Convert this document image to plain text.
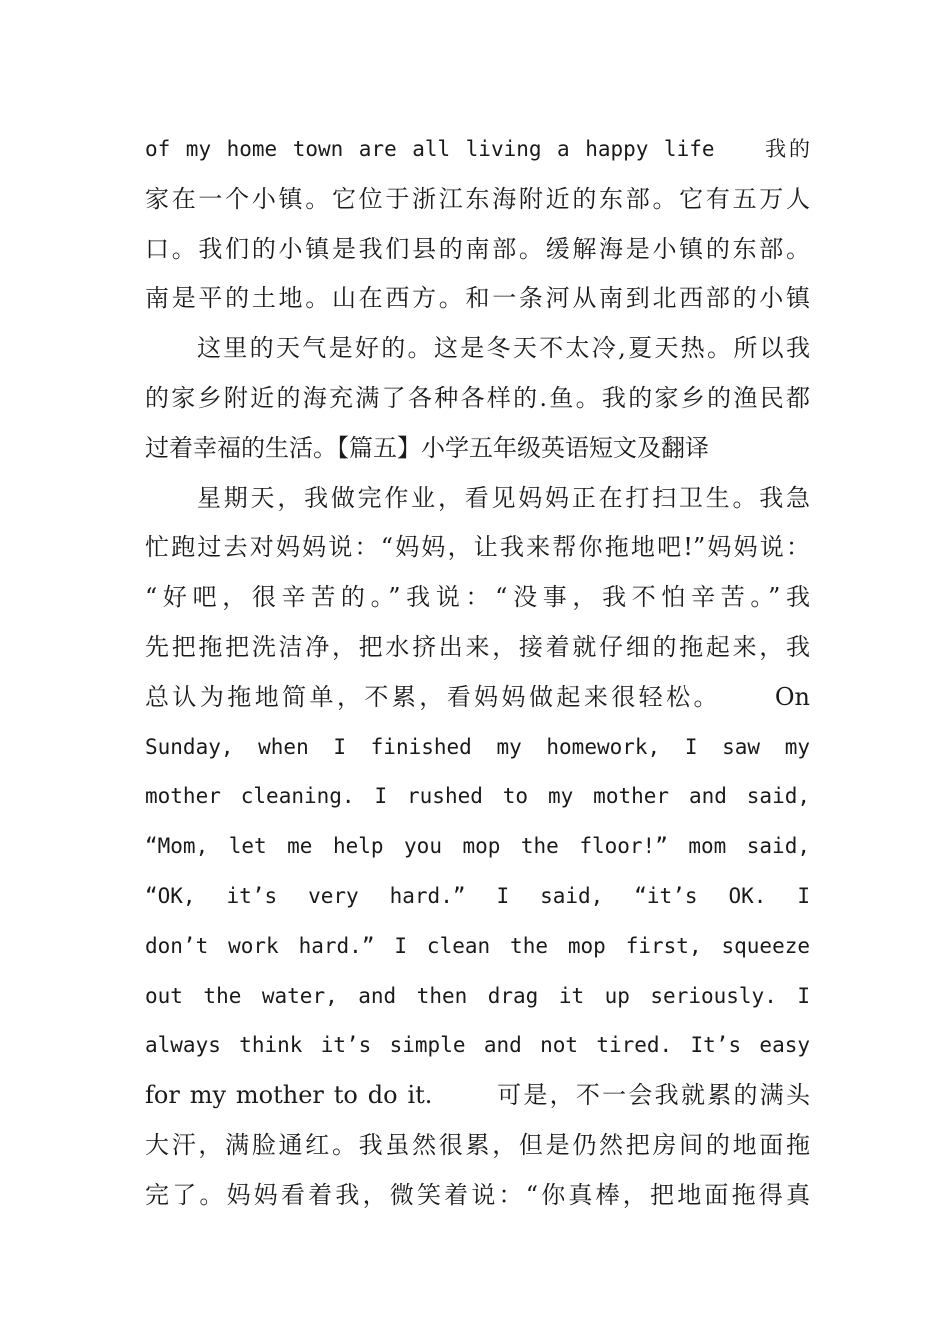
of my home town are all living a happy life　　我的
家在一个小镇。它位于浙江东海附近的东部。它有五万人
口。我们的小镇是我们县的南部。缓解海是小镇的东部。
南是平的土地。山在西方。和一条河从南到北西部的小镇
这里的天气是好的。这是冬天不太冷,夏天热。所以我
的家乡附近的海充满了各种各样的.鱼。我的家乡的渔民都
过着幸福的生活。【篇五】小学五年级英语短文及翻译
星期天，我做完作业，看见妈妈正在打扫卫生。我急
忙跑过去对妈妈说：“妈妈，让我来帮你拖地吧!”妈妈说：
“好吧，很辛苦的。”我说：“没事，我不怕辛苦。”我
先把拖把洗洁净，把水挤出来，接着就仔细的拖起来，我
总认为拖地简单，不累，看妈妈做起来很轻松。　　 On
Sunday, when I finished my homework, I saw my
mother cleaning. I rushed to my mother and said,
“Mom, let me help you mop the floor!” mom said,
“OK, it’s very hard.” I said, “it’s OK. I
don’t work hard.” I clean the mop first, squeeze
out the water, and then drag it up seriously. I
always think it’s simple and not tired. It’s easy
for my mother to do it.　　 可是，不一会我就累的满头
大汗，满脸通红。我虽然很累，但是仍然把房间的地面拖
完了。妈妈看着我，微笑着说：“你真棒，把地面拖得真
